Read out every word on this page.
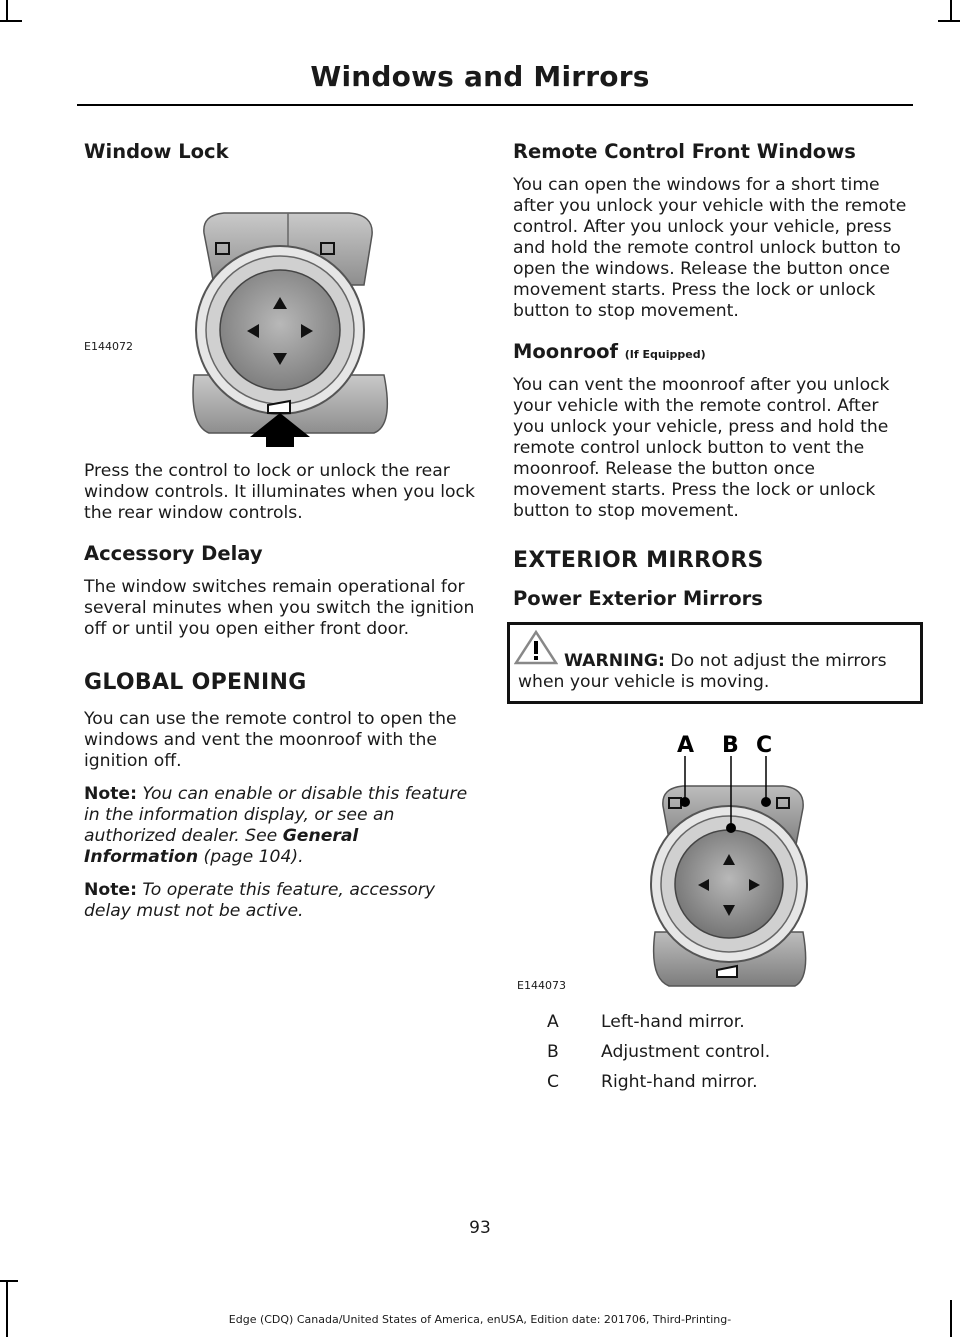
Windows and Mirrors
Window Lock
E144072

Press the control to lock or unlock the rear window controls. It illuminates when you lock the rear window controls.

Accessory Delay

The window switches remain operational for several minutes when you switch the ignition off or until you open either front door.

GLOBAL OPENING

You can use the remote control to open the windows and vent the moonroof with the ignition off.

Note: You can enable or disable this feature in the information display, or see an authorized dealer. See General Information (page 104).

Note: To operate this feature, accessory delay must not be active.

Remote Control Front Windows

You can open the windows for a short time after you unlock your vehicle with the remote control. After you unlock your vehicle, press and hold the remote control unlock button to open the windows. Release the button once movement starts. Press the lock or unlock button to stop movement.

Moonroof (If Equipped)

You can vent the moonroof after you unlock your vehicle with the remote control. After you unlock your vehicle, press and hold the remote control unlock button to vent the moonroof. Release the button once movement starts. Press the lock or unlock button to stop movement.

EXTERIOR MIRRORS
Power Exterior Mirrors
WARNING: Do not adjust the mirrors when your vehicle is moving.
A B C
E144073
A Left-hand mirror.
B Adjustment control.
C Right-hand mirror.
93
Edge (CDQ) Canada/United States of America, enUSA, Edition date: 201706, Third-Printing-
